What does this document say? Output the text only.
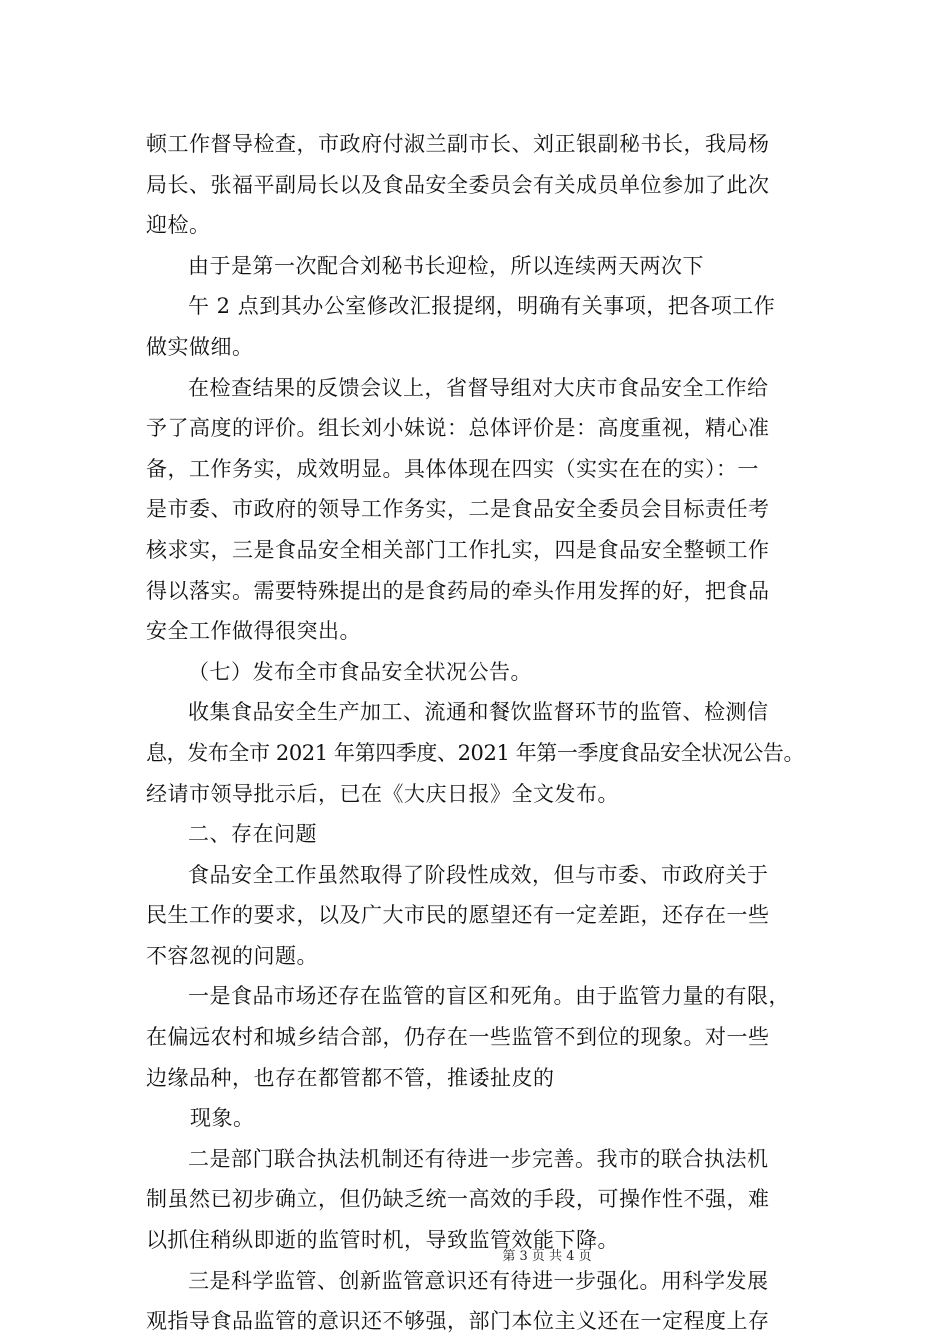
顿工作督导检查，市政府付淑兰副市长、刘正银副秘书长，我局杨
局长、张福平副局长以及食品安全委员会有关成员单位参加了此次
迎检。
由于是第一次配合刘秘书长迎检，所以连续两天两次下
午 2 点到其办公室修改汇报提纲，明确有关事项，把各项工作
做实做细。
在检查结果的反馈会议上，省督导组对大庆市食品安全工作给
予了高度的评价。组长刘小妹说：总体评价是：高度重视，精心准
备，工作务实，成效明显。具体体现在四实（实实在在的实）：一
是市委、市政府的领导工作务实，二是食品安全委员会目标责任考
核求实，三是食品安全相关部门工作扎实，四是食品安全整顿工作
得以落实。需要特殊提出的是食药局的牵头作用发挥的好，把食品
安全工作做得很突出。
（七）发布全市食品安全状况公告。
收集食品安全生产加工、流通和餐饮监督环节的监管、检测信
息，发布全市 2021 年第四季度、2021 年第一季度食品安全状况公告。
经请市领导批示后，已在《大庆日报》全文发布。
二、存在问题
食品安全工作虽然取得了阶段性成效，但与市委、市政府关于
民生工作的要求，以及广大市民的愿望还有一定差距，还存在一些
不容忽视的问题。
一是食品市场还存在监管的盲区和死角。由于监管力量的有限，
在偏远农村和城乡结合部，仍存在一些监管不到位的现象。对一些
边缘品种，也存在都管都不管，推诿扯皮的
现象。
二是部门联合执法机制还有待进一步完善。我市的联合执法机
制虽然已初步确立，但仍缺乏统一高效的手段，可操作性不强，难
以抓住稍纵即逝的监管时机，导致监管效能下降。
三是科学监管、创新监管意识还有待进一步强化。用科学发展
观指导食品监管的意识还不够强，部门本位主义还在一定程度上存
第 3 页 共 4 页
